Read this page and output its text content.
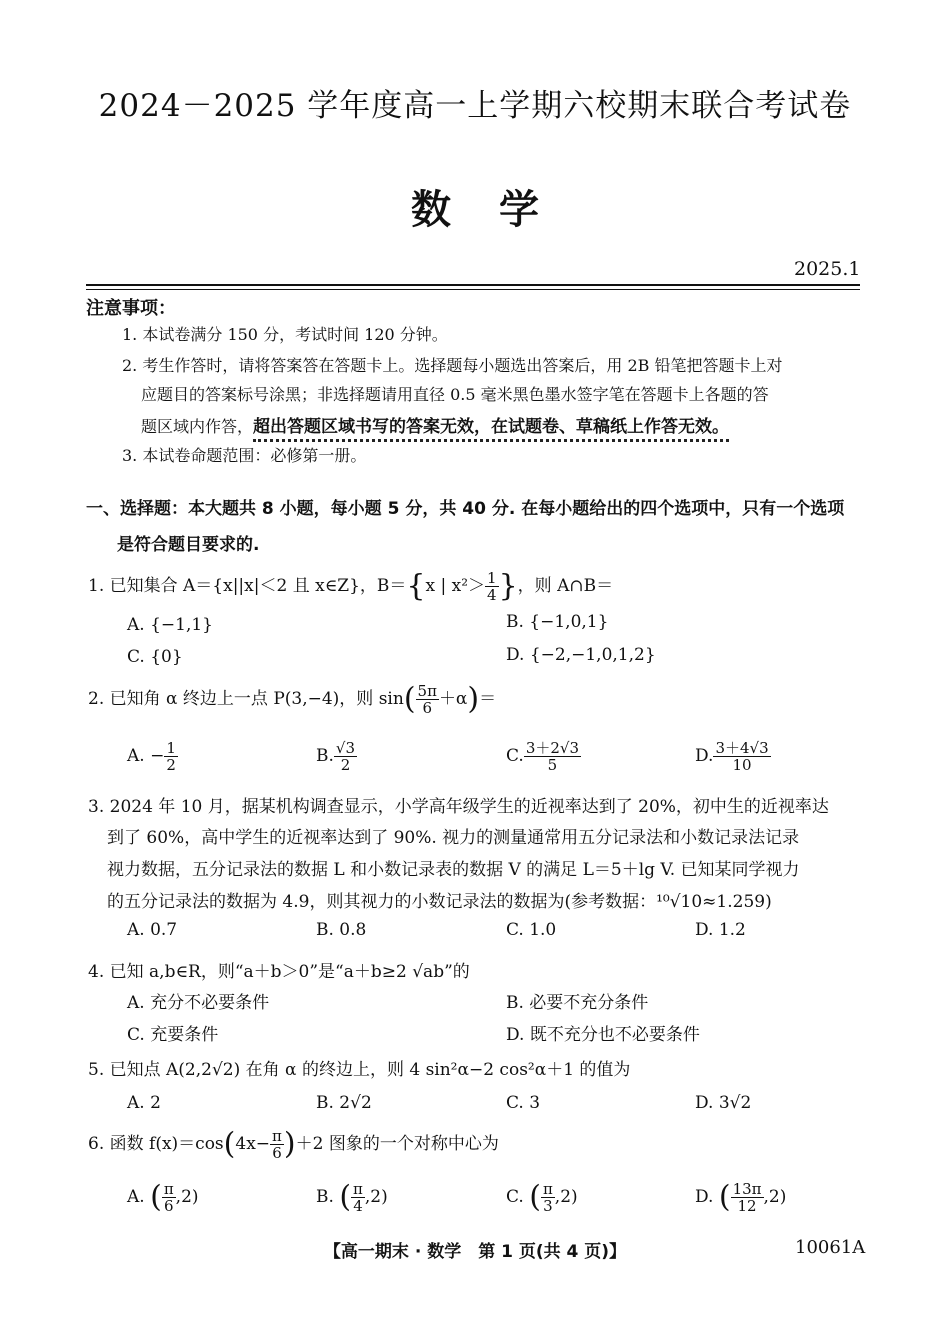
2024－2025 学年度高一上学期六校期末联合考试卷
数学
2025.1
注意事项：
1. 本试卷满分 150 分，考试时间 120 分钟。
2. 考生作答时，请将答案答在答题卡上。选择题每小题选出答案后，用 2B 铅笔把答题卡上对
应题目的答案标号涂黑；非选择题请用直径 0.5 毫米黑色墨水签字笔在答题卡上各题的答
题区域内作答，超出答题区域书写的答案无效，在试题卷、草稿纸上作答无效。
3. 本试卷命题范围：必修第一册。
一、选择题：本大题共 8 小题，每小题 5 分，共 40 分. 在每小题给出的四个选项中，只有一个选项
是符合题目要求的.
1. 已知集合 A＝{x||x|＜2 且 x∈Z}，B＝{x | $x^2> \frac{1}{4}$ }，则 A∩B＝
A. {−1,1}	B. {−1,0,1}
C. {0}	D. {−2,−1,0,1,2}
2. 已知角 α 终边上一点 P(3,−4)，则 $\sin( \frac{5\pi}{6} +\alpha)=$
A. − $\frac{1}{2}$	B. $\frac{√3}{2}$	C. $\frac{3+2√3}{5}$	D. $\frac{3+4√3}{10}$
3. 2024 年 10 月，据某机构调查显示，小学高年级学生的近视率达到了 20%，初中生的近视率达
到了 60%，高中学生的近视率达到了 90%. 视力的测量通常用五分记录法和小数记录法记录
视力数据，五分记录法的数据 L 和小数记录表的数据 V 的满足 L＝5＋lg V. 已知某同学视力
的五分记录法的数据为 4.9，则其视力的小数记录法的数据为(参考数据：¹⁰√10≈1.259)
A. 0.7	B. 0.8	C. 1.0	D. 1.2
4. 已知 a,b∈R，则“a＋b＞0”是“a＋b≥2 √ab”的
A. 充分不必要条件	B. 必要不充分条件
C. 充要条件	D. 既不充分也不必要条件
5. 已知点 A(2,2√2) 在角 α 的终边上，则 4 sin²α−2 cos²α＋1 的值为
A. 2	B. 2√2	C. 3	D. 3√2
6. 函数 $f(x)=\cos(4x- \frac{\pi}{6} )+2$ 图象的一个对称中心为
A. ( $\frac{\pi}{6} ,2$)	B. ( $\frac{\pi}{4} ,2$)	C. ( $\frac{\pi}{3} ,2$)	D. ( $\frac{13\pi}{12} ,2$)
【高一期末 · 数学　第 1 页(共 4 页)】	10061A
